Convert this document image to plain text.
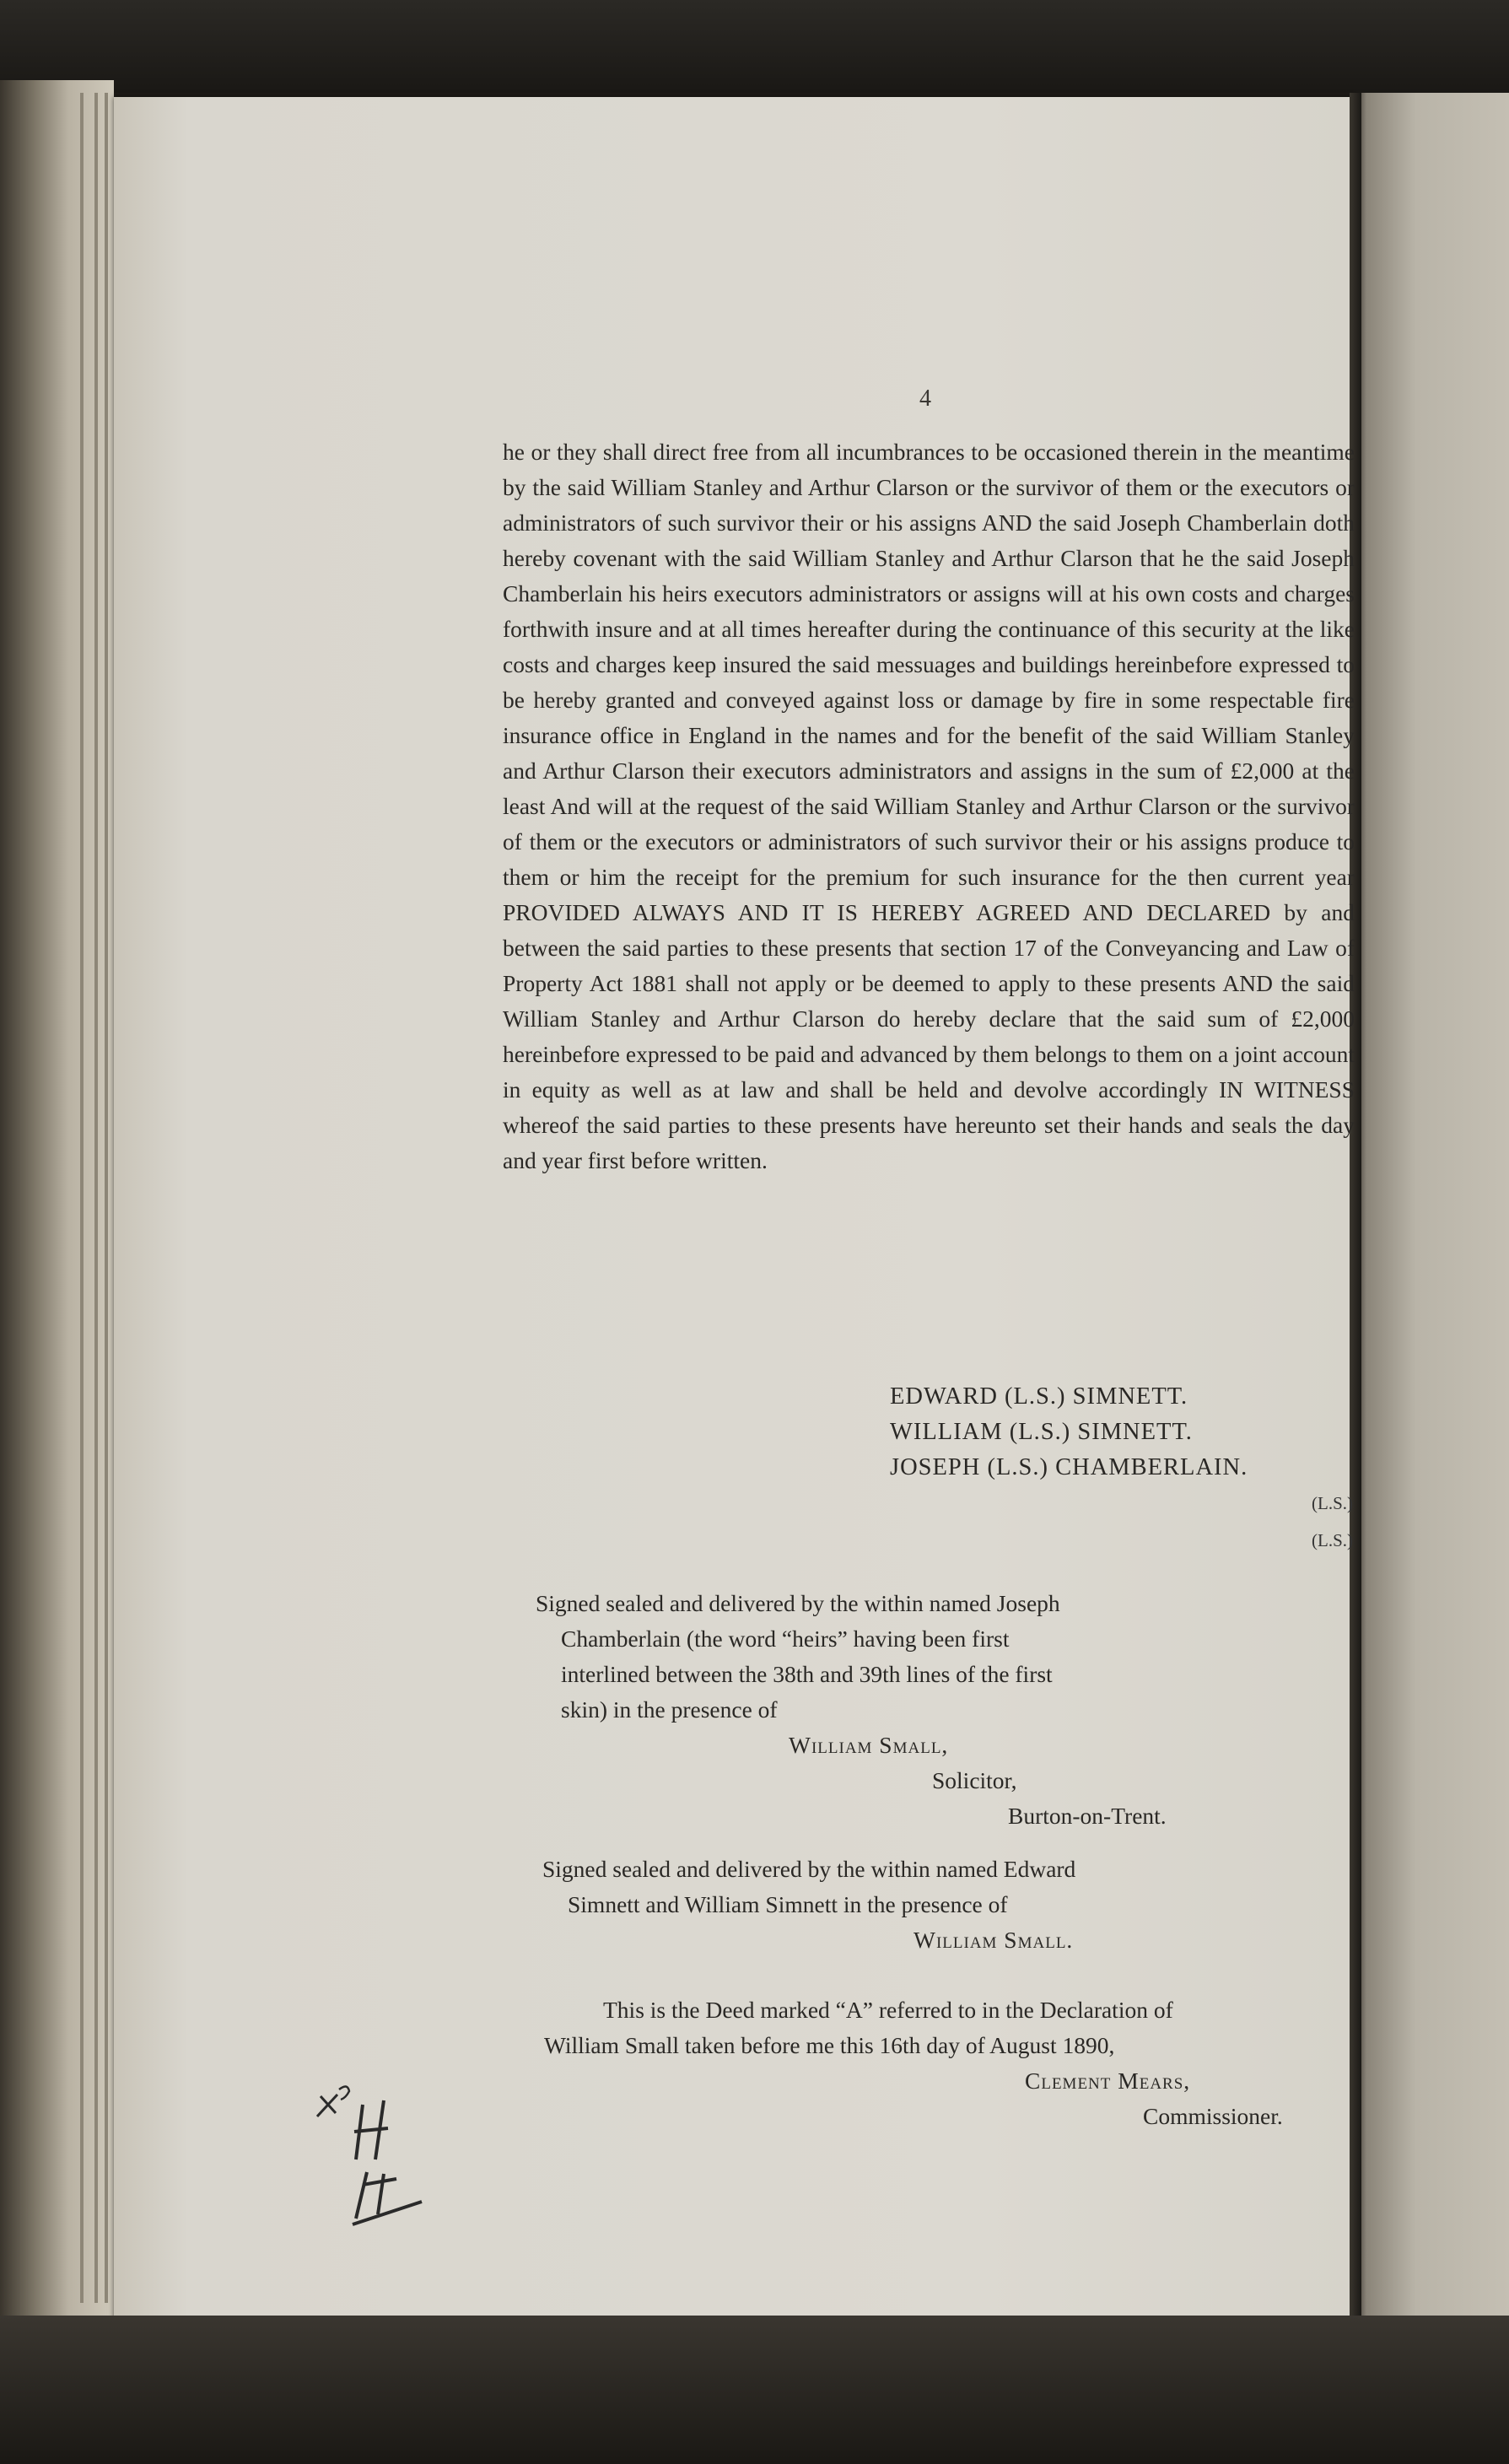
4

he or they shall direct free from all incumbrances to be occasioned therein in the meantime by the said William Stanley and Arthur Clarson or the survivor of them or the executors or administrators of such survivor their or his assigns AND the said Joseph Chamberlain doth hereby covenant with the said William Stanley and Arthur Clarson that he the said Joseph Chamberlain his heirs executors administrators or assigns will at his own costs and charges forthwith insure and at all times hereafter during the continuance of this security at the like costs and charges keep insured the said messuages and buildings hereinbefore expressed to be hereby granted and conveyed against loss or damage by fire in some respectable fire insurance office in England in the names and for the benefit of the said William Stanley and Arthur Clarson their executors administrators and assigns in the sum of £2,000 at the least And will at the request of the said William Stanley and Arthur Clarson or the survivor of them or the executors or administrators of such survivor their or his assigns produce to them or him the receipt for the premium for such insurance for the then current year PROVIDED ALWAYS AND IT IS HEREBY AGREED AND DECLARED by and between the said parties to these presents that section 17 of the Conveyancing and Law of Property Act 1881 shall not apply or be deemed to apply to these presents AND the said William Stanley and Arthur Clarson do hereby declare that the said sum of £2,000 hereinbefore expressed to be paid and advanced by them belongs to them on a joint account in equity as well as at law and shall be held and devolve accordingly IN WITNESS whereof the said parties to these presents have hereunto set their hands and seals the day and year first before written.

EDWARD (L.S.) SIMNETT.
WILLIAM (L.S.) SIMNETT.
JOSEPH (L.S.) CHAMBERLAIN.
(L.S.)
(L.S.)
Signed sealed and delivered by the within named Joseph
Chamberlain (the word “heirs” having been first
interlined between the 38th and 39th lines of the first
skin) in the presence of
William Small,
Solicitor,
Burton-on-Trent.
Signed sealed and delivered by the within named Edward
Simnett and William Simnett in the presence of
William Small.
This is the Deed marked “A” referred to in the Declaration of
William Small taken before me this 16th day of August 1890,
Clement Mears,
Commissioner.
